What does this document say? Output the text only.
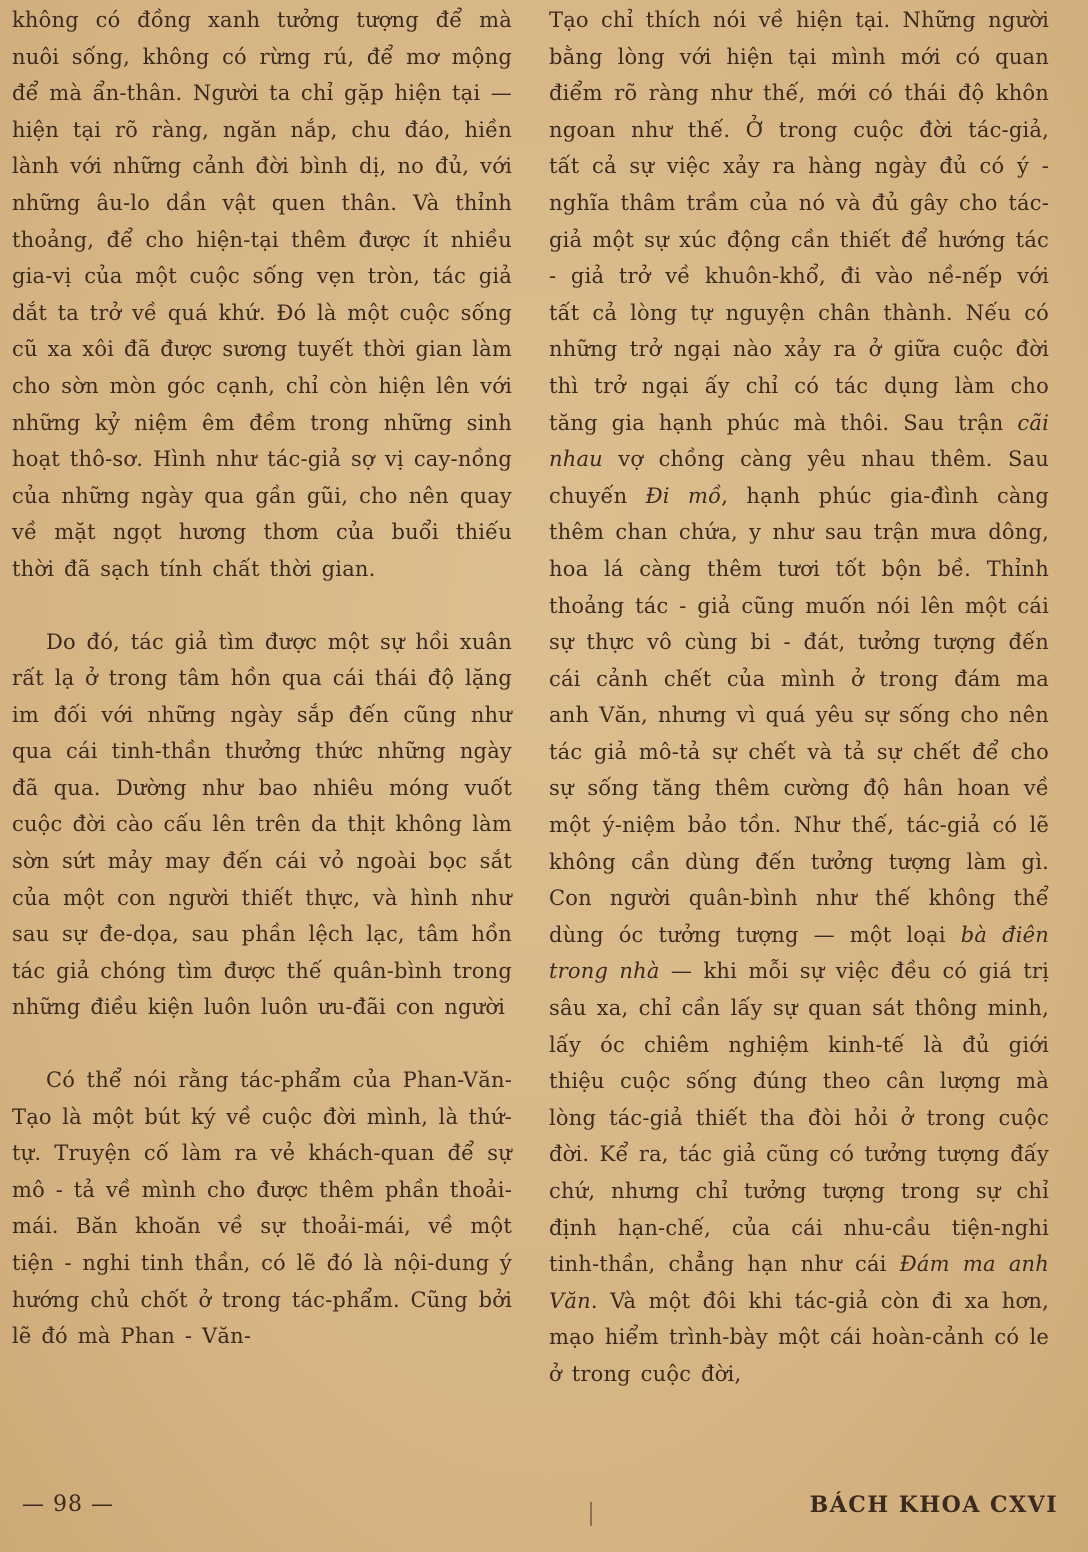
không có đồng xanh tưởng tượng để mà nuôi sống, không có rừng rú, để mơ mộng để mà ẩn-thân. Người ta chỉ gặp hiện tại — hiện tại rõ ràng, ngăn nắp, chu đáo, hiền lành với những cảnh đời bình dị, no đủ, với những âu-lo dần vật quen thân. Và thỉnh thoảng, để cho hiện-tại thêm được ít nhiều gia-vị của một cuộc sống vẹn tròn, tác giả dắt ta trở về quá khứ. Đó là một cuộc sống cũ xa xôi đã được sương tuyết thời gian làm cho sờn mòn góc cạnh, chỉ còn hiện lên với những kỷ niệm êm đềm trong những sinh hoạt thô-sơ. Hình như tác-giả sợ vị cay-nồng của những ngày qua gần gũi, cho nên quay về mặt ngọt hương thơm của buổi thiếu thời đã sạch tính chất thời gian.

Do đó, tác giả tìm được một sự hồi xuân rất lạ ở trong tâm hồn qua cái thái độ lặng im đối với những ngày sắp đến cũng như qua cái tinh-thần thưởng thức những ngày đã qua. Dường như bao nhiêu móng vuốt cuộc đời cào cấu lên trên da thịt không làm sờn sứt mảy may đến cái vỏ ngoài bọc sắt của một con người thiết thực, và hình như sau sự đe-dọa, sau phần lệch lạc, tâm hồn tác giả chóng tìm được thế quân-bình trong những điều kiện luôn luôn ưu-đãi con người

Có thể nói rằng tác-phẩm của Phan-Văn-Tạo là một bút ký về cuộc đời mình, là thứ-tự. Truyện cố làm ra vẻ khách-quan để sự mô - tả về mình cho được thêm phần thoải-mái. Băn khoăn về sự thoải-mái, về một tiện - nghi tinh thần, có lẽ đó là nội-dung ý hướng chủ chốt ở trong tác-phẩm. Cũng bởi lẽ đó mà Phan - Văn-

Tạo chỉ thích nói về hiện tại. Những người bằng lòng với hiện tại mình mới có quan điểm rõ ràng như thế, mới có thái độ khôn ngoan như thế. Ở trong cuộc đời tác-giả, tất cả sự việc xảy ra hàng ngày đủ có ý - nghĩa thâm trầm của nó và đủ gây cho tác-giả một sự xúc động cần thiết để hướng tác - giả trở về khuôn-khổ, đi vào nề-nếp với tất cả lòng tự nguyện chân thành. Nếu có những trở ngại nào xảy ra ở giữa cuộc đời thì trở ngại ấy chỉ có tác dụng làm cho tăng gia hạnh phúc mà thôi. Sau trận cãi nhau vợ chồng càng yêu nhau thêm. Sau chuyến Đi mồ, hạnh phúc gia-đình càng thêm chan chứa, y như sau trận mưa dông, hoa lá càng thêm tươi tốt bộn bề. Thỉnh thoảng tác - giả cũng muốn nói lên một cái sự thực vô cùng bi - đát, tưởng tượng đến cái cảnh chết của mình ở trong đám ma anh Văn, nhưng vì quá yêu sự sống cho nên tác giả mô-tả sự chết và tả sự chết để cho sự sống tăng thêm cường độ hân hoan về một ý-niệm bảo tồn. Như thế, tác-giả có lẽ không cần dùng đến tưởng tượng làm gì. Con người quân-bình như thế không thể dùng óc tưởng tượng — một loại bà điên trong nhà — khi mỗi sự việc đều có giá trị sâu xa, chỉ cần lấy sự quan sát thông minh, lấy óc chiêm nghiệm kinh-tế là đủ giới thiệu cuộc sống đúng theo cân lượng mà lòng tác-giả thiết tha đòi hỏi ở trong cuộc đời. Kể ra, tác giả cũng có tưởng tượng đấy chứ, nhưng chỉ tưởng tượng trong sự chỉ định hạn-chế, của cái nhu-cầu tiện-nghi tinh-thần, chẳng hạn như cái Đám ma anh Văn. Và một đôi khi tác-giả còn đi xa hơn, mạo hiểm trình-bày một cái hoàn-cảnh có le ở trong cuộc đời,

— 98 —	BÁCH KHOA CXVI
